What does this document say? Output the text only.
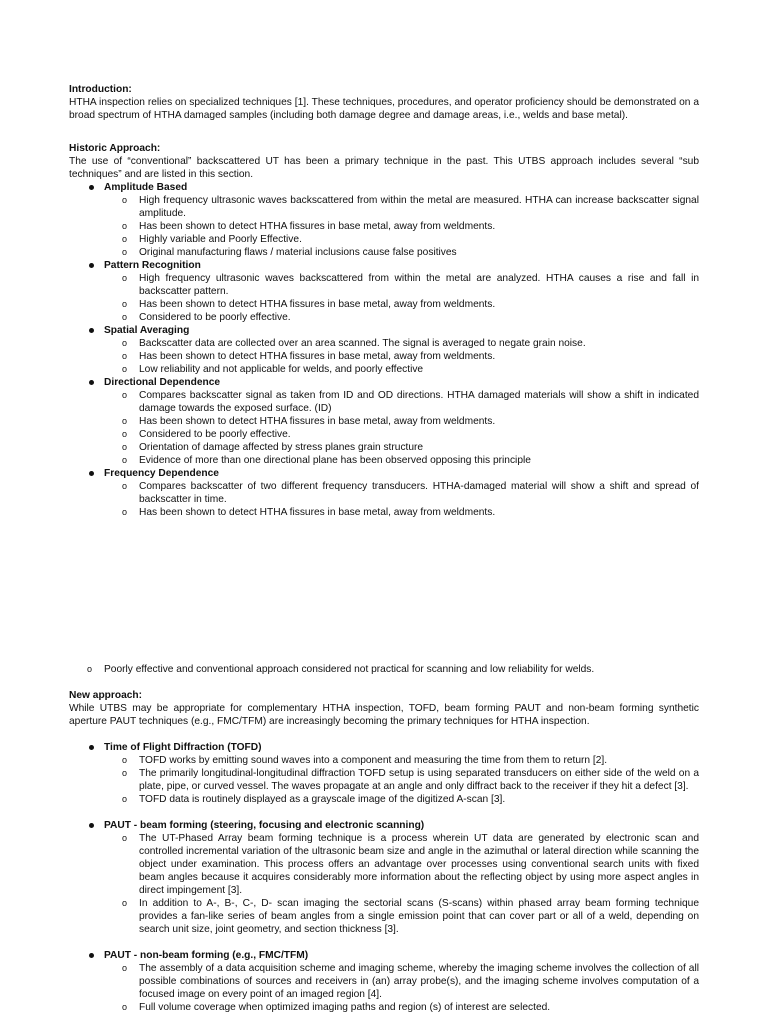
Introduction:

HTHA inspection relies on specialized techniques [1]. These techniques, procedures, and operator proficiency should be demonstrated on a broad spectrum of HTHA damaged samples (including both damage degree and damage areas, i.e., welds and base metal).

Historic Approach:

The use of “conventional” backscattered UT has been a primary technique in the past. This UTBS approach includes several “sub techniques” and are listed in this section.

Amplitude Based
o High frequency ultrasonic waves backscattered from within the metal are measured. HTHA can increase backscatter signal amplitude.
o Has been shown to detect HTHA fissures in base metal, away from weldments.
o Highly variable and Poorly Effective.
o Original manufacturing flaws / material inclusions cause false positives
Pattern Recognition
o High frequency ultrasonic waves backscattered from within the metal are analyzed. HTHA causes a rise and fall in backscatter pattern.
o Has been shown to detect HTHA fissures in base metal, away from weldments.
o Considered to be poorly effective.
Spatial Averaging
o Backscatter data are collected over an area scanned. The signal is averaged to negate grain noise.
o Has been shown to detect HTHA fissures in base metal, away from weldments.
o Low reliability and not applicable for welds, and poorly effective
Directional Dependence
o Compares backscatter signal as taken from ID and OD directions. HTHA damaged materials will show a shift in indicated damage towards the exposed surface. (ID)
o Has been shown to detect HTHA fissures in base metal, away from weldments.
o Considered to be poorly effective.
o Orientation of damage affected by stress planes grain structure
o Evidence of more than one directional plane has been observed opposing this principle
Frequency Dependence
o Compares backscatter of two different frequency transducers. HTHA-damaged material will show a shift and spread of backscatter in time.
o Has been shown to detect HTHA fissures in base metal, away from weldments.
o Poorly effective and conventional approach considered not practical for scanning and low reliability for welds.
New approach:

While UTBS may be appropriate for complementary HTHA inspection, TOFD, beam forming PAUT and non-beam forming synthetic aperture PAUT techniques (e.g., FMC/TFM) are increasingly becoming the primary techniques for HTHA inspection.

Time of Flight Diffraction (TOFD)
o TOFD works by emitting sound waves into a component and measuring the time from them to return [2].
o The primarily longitudinal-longitudinal diffraction TOFD setup is using separated transducers on either side of the weld on a plate, pipe, or curved vessel. The waves propagate at an angle and only diffract back to the receiver if they hit a defect [3].
o TOFD data is routinely displayed as a grayscale image of the digitized A-scan [3].
PAUT - beam forming (steering, focusing and electronic scanning)
o The UT-Phased Array beam forming technique is a process wherein UT data are generated by electronic scan and controlled incremental variation of the ultrasonic beam size and angle in the azimuthal or lateral direction while scanning the object under examination. This process offers an advantage over processes using conventional search units with fixed beam angles because it acquires considerably more information about the reflecting object by using more aspect angles in direct impingement [3].
o In addition to A-, B-, C-, D- scan imaging the sectorial scans (S-scans) within phased array beam forming technique provides a fan-like series of beam angles from a single emission point that can cover part or all of a weld, depending on search unit size, joint geometry, and section thickness [3].
PAUT - non-beam forming (e.g., FMC/TFM)
o The assembly of a data acquisition scheme and imaging scheme, whereby the imaging scheme involves the collection of all possible combinations of sources and receivers in (an) array probe(s), and the imaging scheme involves computation of a focused image on every point of an imaged region [4].
o Full volume coverage when optimized imaging paths and region (s) of interest are selected.
